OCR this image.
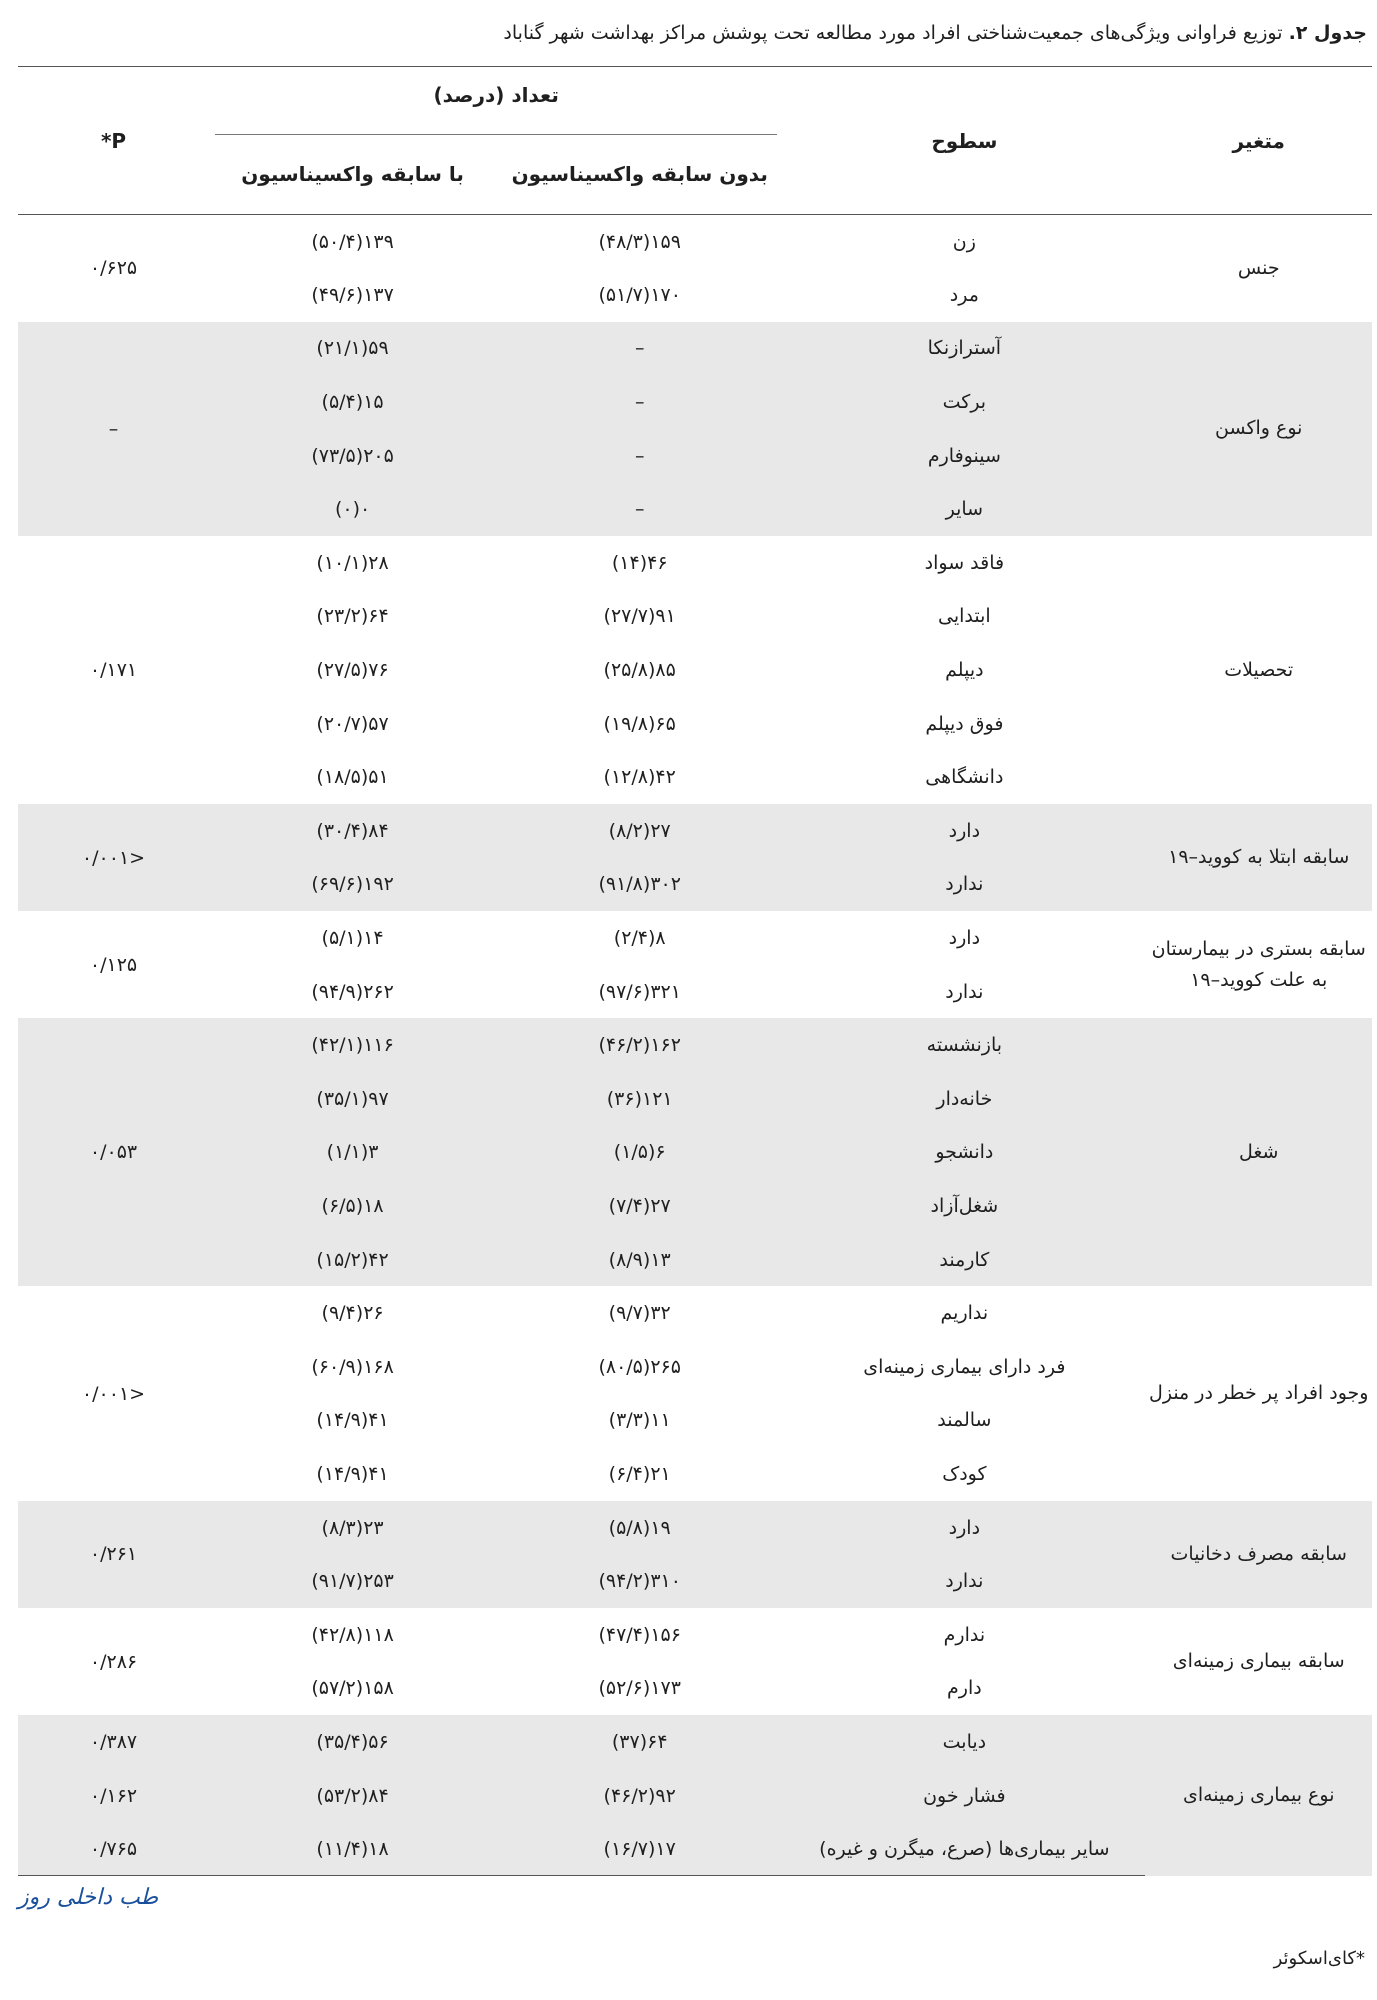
جدول ۲. توزیع فراوانی ویژگی‌های جمعیت‌شناختی افراد مورد مطالعه تحت پوشش مراکز بهداشت شهر گناباد
متغیر	سطوح	تعداد (درصد)		P*
		بدون سابقه واکسیناسیون	با سابقه واکسیناسیون	
جنس	زن	۱۵۹(۴۸/۳)	۱۳۹(۵۰/۴)	۰/۶۲۵
	مرد	۱۷۰(۵۱/۷)	۱۳۷(۴۹/۶)	
نوع واکسن	آسترازنکا	–	۵۹(۲۱/۱)	–
	برکت	–	۱۵(۵/۴)	
	سینوفارم	–	۲۰۵(۷۳/۵)	
	سایر	–	۰(۰)	
تحصیلات	فاقد سواد	۴۶(۱۴)	۲۸(۱۰/۱)	۰/۱۷۱
	ابتدایی	۹۱(۲۷/۷)	۶۴(۲۳/۲)	
	دیپلم	۸۵(۲۵/۸)	۷۶(۲۷/۵)	
	فوق دیپلم	۶۵(۱۹/۸)	۵۷(۲۰/۷)	
	دانشگاهی	۴۲(۱۲/۸)	۵۱(۱۸/۵)	
سابقه ابتلا به کووید–۱۹	دارد	۲۷(۸/۲)	۸۴(۳۰/۴)	<۰/۰۰۱
	ندارد	۳۰۲(۹۱/۸)	۱۹۲(۶۹/۶)	
سابقه بستری در بیمارستان به علت کووید–۱۹	دارد	۸(۲/۴)	۱۴(۵/۱)	۰/۱۲۵
	ندارد	۳۲۱(۹۷/۶)	۲۶۲(۹۴/۹)	
شغل	بازنشسته	۱۶۲(۴۶/۲)	۱۱۶(۴۲/۱)	۰/۰۵۳
	خانه‌دار	۱۲۱(۳۶)	۹۷(۳۵/۱)	
	دانشجو	۶(۱/۵)	۳(۱/۱)	
	شغل‌آزاد	۲۷(۷/۴)	۱۸(۶/۵)	
	کارمند	۱۳(۸/۹)	۴۲(۱۵/۲)	
وجود افراد پر خطر در منزل	نداریم	۳۲(۹/۷)	۲۶(۹/۴)	<۰/۰۰۱
	فرد دارای بیماری زمینه‌ای	۲۶۵(۸۰/۵)	۱۶۸(۶۰/۹)	
	سالمند	۱۱(۳/۳)	۴۱(۱۴/۹)	
	کودک	۲۱(۶/۴)	۴۱(۱۴/۹)	
سابقه مصرف دخانیات	دارد	۱۹(۵/۸)	۲۳(۸/۳)	۰/۲۶۱
	ندارد	۳۱۰(۹۴/۲)	۲۵۳(۹۱/۷)	
سابقه بیماری زمینه‌ای	ندارم	۱۵۶(۴۷/۴)	۱۱۸(۴۲/۸)	۰/۲۸۶
	دارم	۱۷۳(۵۲/۶)	۱۵۸(۵۷/۲)	
نوع بیماری زمینه‌ای	دیابت	۶۴(۳۷)	۵۶(۳۵/۴)	۰/۳۸۷
	فشار خون	۹۲(۴۶/۲)	۸۴(۵۳/۲)	۰/۱۶۲
	سایر بیماری‌ها (صرع، میگرن و غیره)	۱۷(۱۶/۷)	۱۸(۱۱/۴)	۰/۷۶۵
طب داخلی روز
*کای‌اسکوئر
